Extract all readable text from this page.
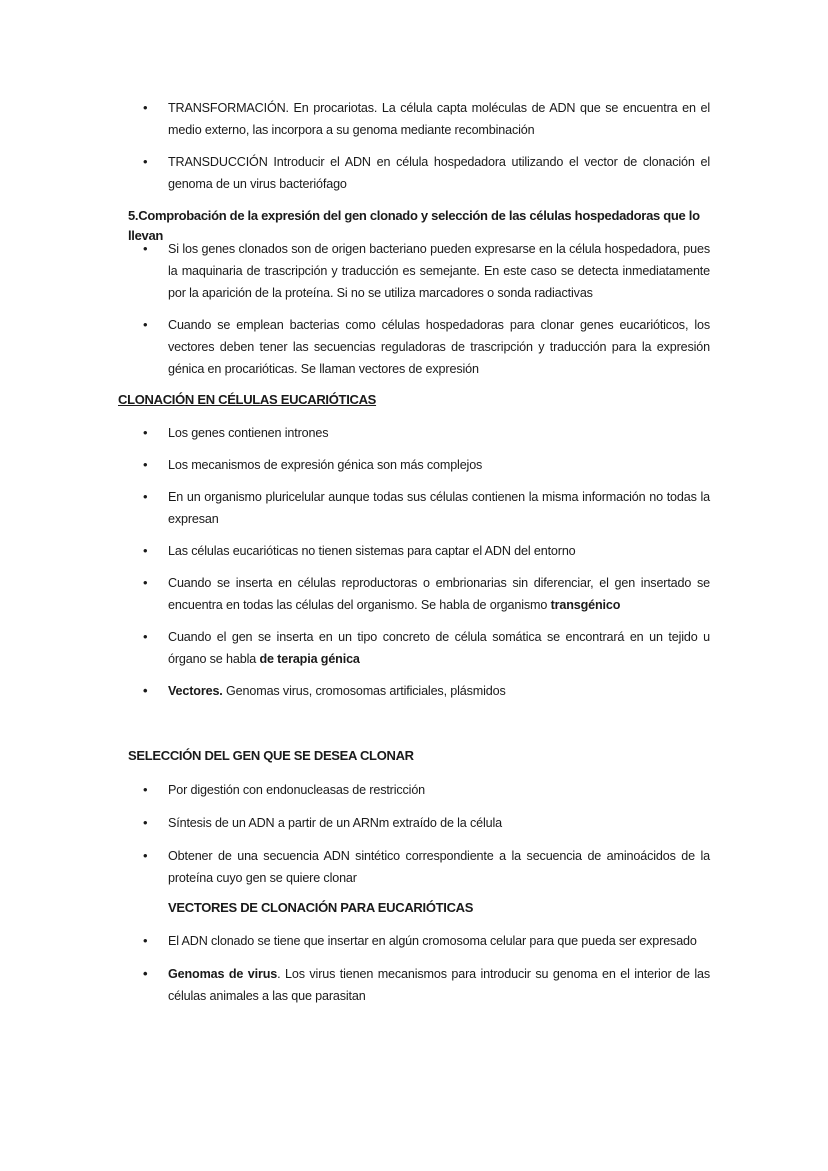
• TRANSFORMACIÓN. En procariotas. La célula capta moléculas de ADN que se encuentra en el medio externo, las incorpora a su genoma mediante recombinación
• TRANSDUCCIÓN Introducir el ADN en célula hospedadora utilizando el vector de clonación el genoma de un virus bacteriófago
5.Comprobación de la expresión del gen clonado y selección de las células hospedadoras que lo llevan
• Si los genes clonados son de origen bacteriano pueden expresarse en la célula hospedadora, pues la maquinaria de trascripción y traducción es semejante. En este caso se detecta inmediatamente por la aparición de la proteína. Si no se utiliza marcadores o sonda radiactivas
• Cuando se emplean bacterias como células hospedadoras para clonar genes eucarióticos, los vectores deben tener las secuencias reguladoras de trascripción y traducción para la expresión génica en procarióticas. Se llaman vectores de expresión
CLONACIÓN EN CÉLULAS EUCARIÓTICAS
• Los genes contienen intrones
• Los mecanismos de expresión génica son más complejos
• En un organismo pluricelular aunque todas sus células contienen la misma información no todas la expresan
• Las células eucarióticas no tienen sistemas para captar el ADN del entorno
• Cuando se inserta en células reproductoras o embrionarias sin diferenciar, el gen insertado se encuentra en todas las células del organismo. Se habla de organismo transgénico
• Cuando el gen se inserta en un tipo concreto de célula somática se encontrará en un tejido u órgano se habla de terapia génica
• Vectores. Genomas virus, cromosomas artificiales, plásmidos
SELECCIÓN DEL GEN QUE SE DESEA CLONAR
• Por digestión con endonucleasas de restricción
• Síntesis de un ADN a partir de un ARNm extraído de la célula
• Obtener de una secuencia ADN sintético correspondiente a la secuencia de aminoácidos de la proteína cuyo gen se quiere clonar
VECTORES DE CLONACIÓN PARA EUCARIÓTICAS
• El ADN clonado se tiene que insertar en algún cromosoma celular para que pueda ser expresado
• Genomas de virus. Los virus tienen mecanismos para introducir su genoma en el interior de las células animales a las que parasitan
